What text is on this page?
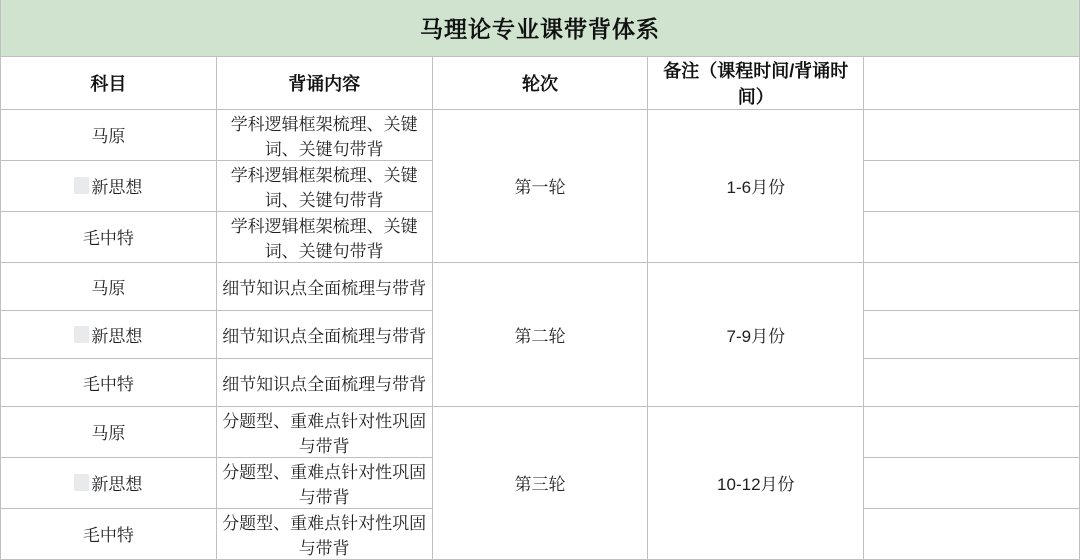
马理论专业课带背体系				
科目	背诵内容	轮次	备注（课程时间/背诵时间）	

马原	学科逻辑框架梳理、关键词、关键句带背	第一轮	1-6月份	

新思想	学科逻辑框架梳理、关键词、关键句带背			

毛中特	学科逻辑框架梳理、关键词、关键句带背			

马原	细节知识点全面梳理与带背	第二轮	7-9月份	

新思想	细节知识点全面梳理与带背			

毛中特	细节知识点全面梳理与带背			

马原	分题型、重难点针对性巩固与带背	第三轮	10-12月份	

新思想	分题型、重难点针对性巩固与带背			

毛中特	分题型、重难点针对性巩固与带背			
